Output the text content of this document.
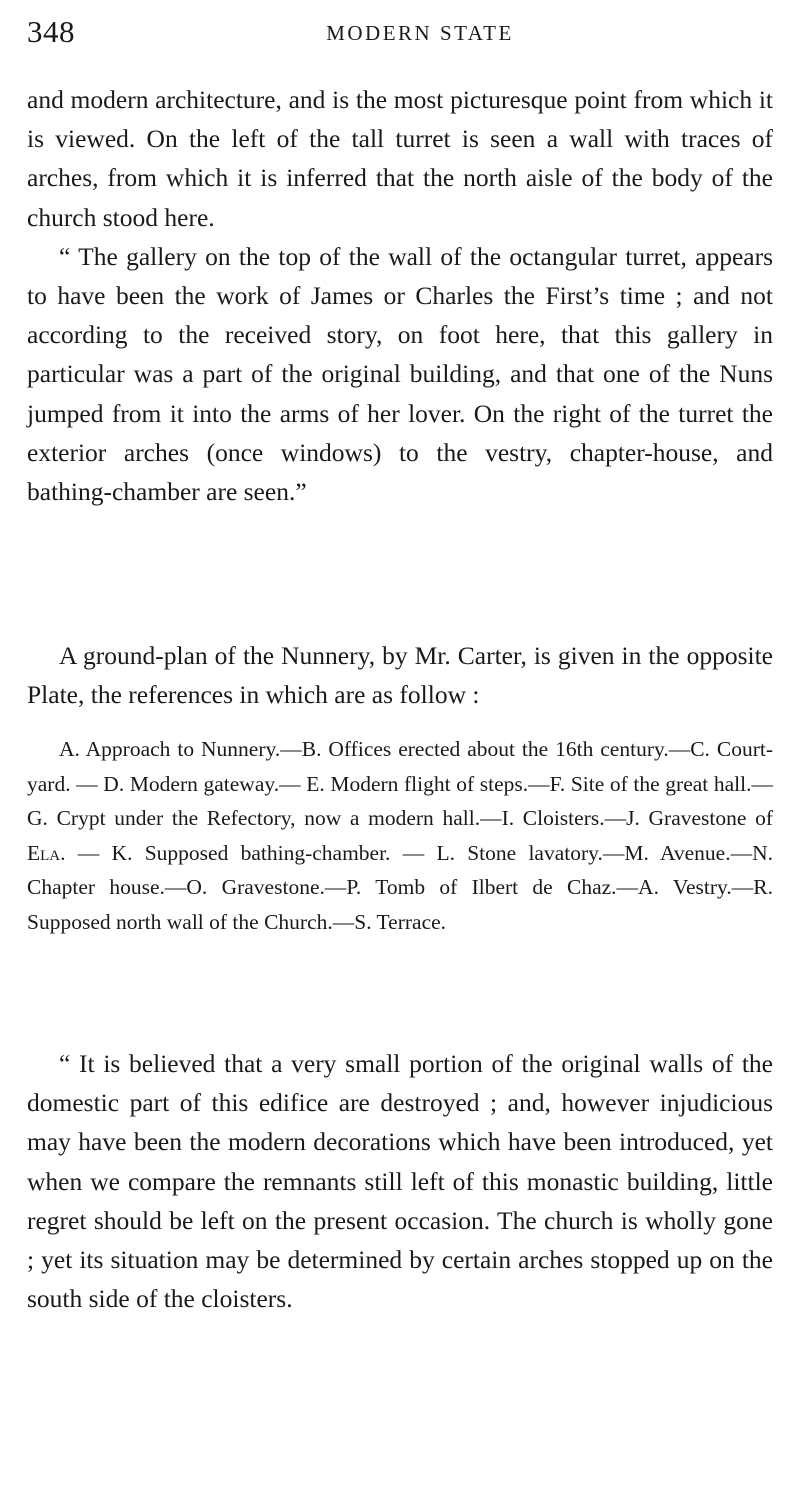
348	MODERN STATE

and modern architecture, and is the most picturesque point from which it is viewed. On the left of the tall turret is seen a wall with traces of arches, from which it is inferred that the north aisle of the body of the church stood here.

“ The gallery on the top of the wall of the octangular turret, appears to have been the work of James or Charles the First’s time ; and not according to the received story, on foot here, that this gallery in particular was a part of the original building, and that one of the Nuns jumped from it into the arms of her lover. On the right of the turret the exterior arches (once windows) to the vestry, chapter-house, and bathing-chamber are seen.”

A ground-plan of the Nunnery, by Mr. Carter, is given in the opposite Plate, the references in which are as follow :

A. Approach to Nunnery.—B. Offices erected about the 16th century.—C. Court-yard. — D. Modern gateway.— E. Modern flight of steps.—F. Site of the great hall.—G. Crypt under the Refectory, now a modern hall.—I. Cloisters.—J. Gravestone of Ela. — K. Supposed bathing-chamber. — L. Stone lavatory.—M. Avenue.—N. Chapter house.—O. Gravestone.—P. Tomb of Ilbert de Chaz.—A. Vestry.—R. Supposed north wall of the Church.—S. Terrace.

“ It is believed that a very small portion of the original walls of the domestic part of this edifice are destroyed ; and, however injudicious may have been the modern decorations which have been introduced, yet when we compare the remnants still left of this monastic building, little regret should be left on the present occasion. The church is wholly gone ; yet its situation may be determined by certain arches stopped up on the south side of the cloisters.
